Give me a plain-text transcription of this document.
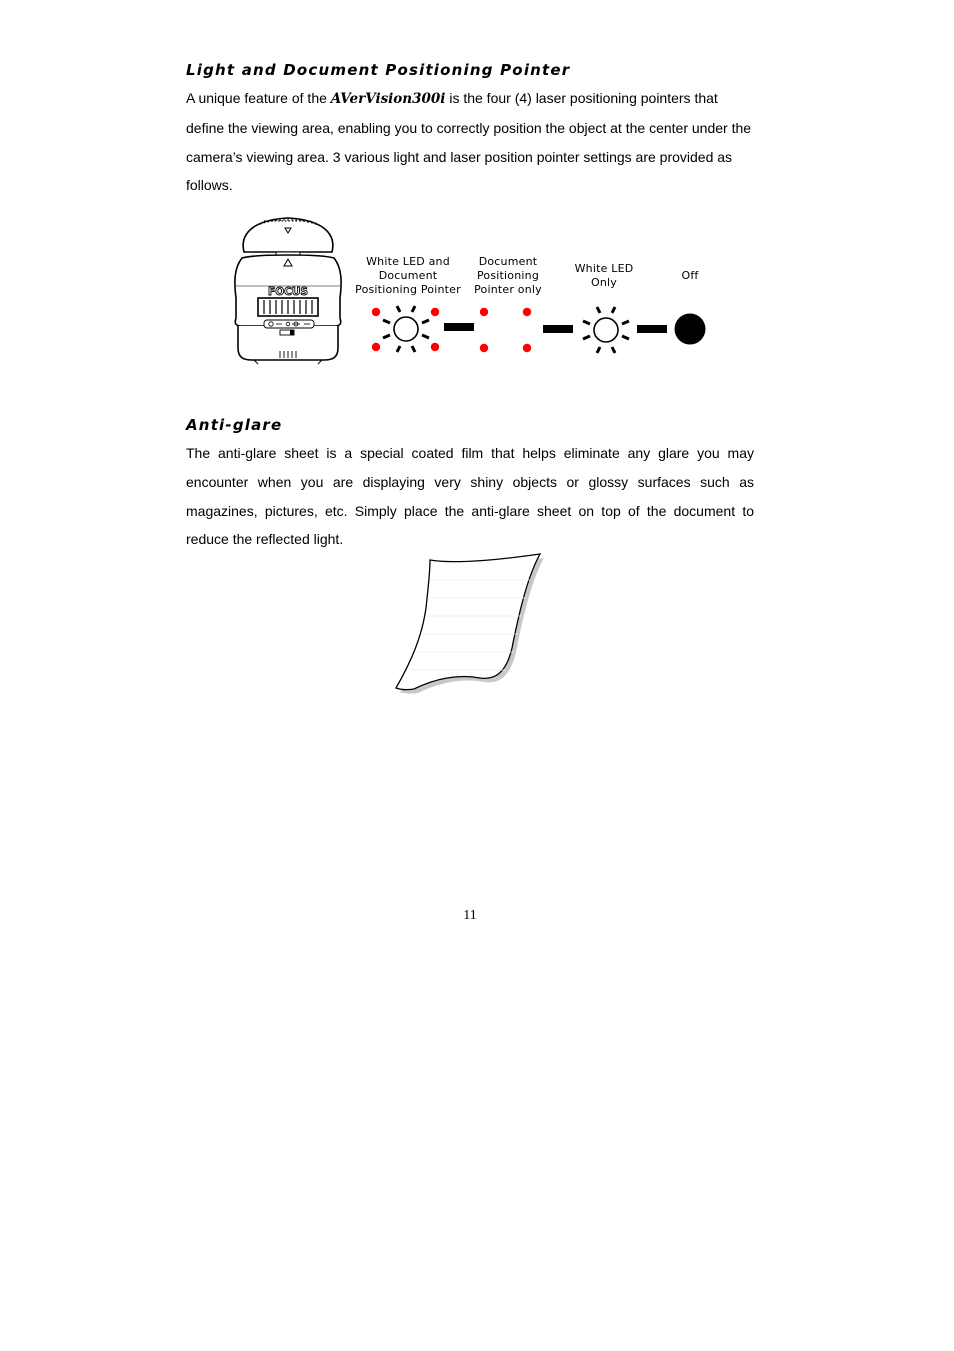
Light and Document Positioning Pointer

A unique feature of the AVerVision300i is the four (4) laser positioning pointers that define the viewing area, enabling you to correctly position the object at the center under the camera’s viewing area. 3 various light and laser position pointer settings are provided as follows.

FOCUS
White LED and
Document
Positioning Pointer
Document
Positioning
Pointer only
White LED
Only
Off
Anti-glare

The anti-glare sheet is a special coated film that helps eliminate any glare you may encounter when you are displaying very shiny objects or glossy surfaces such as magazines, pictures, etc. Simply place the anti-glare sheet on top of the document to reduce the reflected light.

11
